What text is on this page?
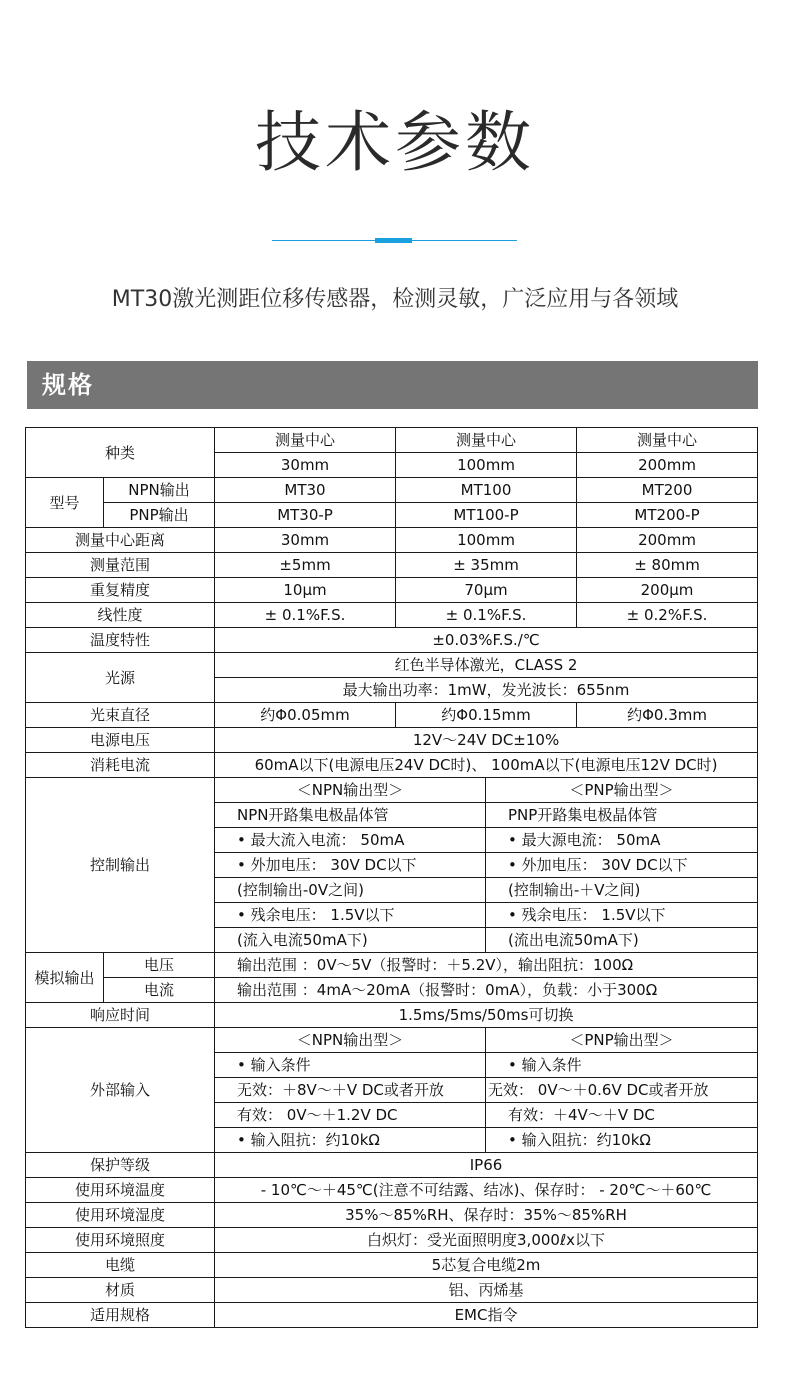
技术参数
MT30激光测距位移传感器，检测灵敏，广泛应用与各领域
规格
种类		测量中心	测量中心		测量中心
		30mm	100mm		200mm
型号	NPN输出	MT30	MT100		MT200
	PNP输出	MT30-P	MT100-P		MT200-P
测量中心距离		30mm	100mm		200mm
测量范围		±5mm	± 35mm		± 80mm
重复精度		10μm	70μm		200μm
线性度		± 0.1%F.S.	± 0.1%F.S.		± 0.2%F.S.
温度特性		±0.03%F.S./℃			
光源		红色半导体激光，CLASS 2			
		最大输出功率：1mW，发光波长：655nm			
光束直径		约Φ0.05mm	约Φ0.15mm		约Φ0.3mm
电源电压		12V～24V DC±10%			
消耗电流		60mA以下(电源电压24V DC时)、 100mA以下(电源电压12V DC时)			
控制输出		＜NPN输出型＞		＜PNP输出型＞	
		NPN开路集电极晶体管		PNP开路集电极晶体管	
		• 最大流入电流： 50mA		• 最大源电流： 50mA	
		• 外加电压： 30V DC以下		• 外加电压： 30V DC以下	
		(控制输出-0V之间)		(控制输出-＋V之间)	
		• 残余电压： 1.5V以下		• 残余电压： 1.5V以下	
		(流入电流50mA下)		(流出电流50mA下)	
模拟输出	电压	输出范围 ：0V～5V（报警时：＋5.2V），输出阻抗：100Ω			
	电流	输出范围 ：4mA～20mA（报警时：0mA），负载：小于300Ω			
响应时间		1.5ms/5ms/50ms可切换			
外部输入		＜NPN输出型＞		＜PNP输出型＞	
		• 输入条件		• 输入条件	
		无效：＋8V～＋V DC或者开放		无效： 0V～＋0.6V DC或者开放	
		有效： 0V～＋1.2V DC		有效：＋4V～＋V DC	
		• 输入阻抗：约10kΩ		• 输入阻抗：约10kΩ	
保护等级		IP66			
使用环境温度		- 10℃～＋45℃(注意不可结露、结冰)、保存时： - 20℃～＋60℃			
使用环境湿度		35%～85%RH、保存时：35%～85%RH			
使用环境照度		白炽灯：受光面照明度3,000ℓx以下			
电缆		5芯复合电缆2m			
材质		铝、丙烯基			
适用规格		EMC指令			
